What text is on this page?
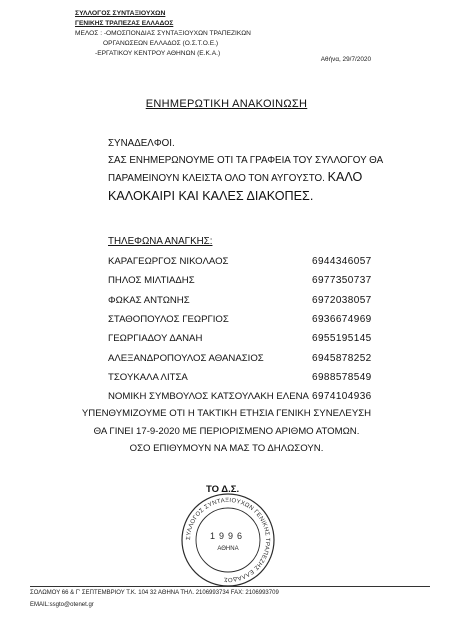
ΣΥΛΛΟΓΟΣ ΣΥΝΤΑΞΙΟΥΧΩΝ
ΓΕΝΙΚΗΣ ΤΡΑΠΕΖΑΣ ΕΛΛΑΔΟΣ
ΜΕΛΟΣ : -ΟΜΟΣΠΟΝΔΙΑΣ ΣΥΝΤΑΞΙΟΥΧΩΝ ΤΡΑΠΕΖΙΚΩΝ
ΟΡΓΑΝΩΣΕΩΝ ΕΛΛΑΔΟΣ (Ο.Σ.Τ.Ο.Ε.)
-ΕΡΓΑΤΙΚΟΥ ΚΕΝΤΡΟΥ ΑΘΗΝΩΝ (Ε.Κ.Α.)
Αθήνα, 29/7/2020
ΕΝΗΜΕΡΩΤΙΚΗ ΑΝΑΚΟΙΝΩΣΗ

ΣΥΝΑΔΕΛΦΟΙ.

ΣΑΣ ΕΝΗΜΕΡΩΝΟΥΜΕ ΟΤΙ ΤΑ ΓΡΑΦΕΙΑ ΤΟΥ ΣΥΛΛΟΓΟΥ ΘΑ

ΠΑΡΑΜΕΙΝΟΥΝ ΚΛΕΙΣΤΑ ΟΛΟ ΤΟΝ ΑΥΓΟΥΣΤΟ. ΚΑΛΟ

ΚΑΛΟΚΑΙΡΙ ΚΑΙ ΚΑΛΕΣ ΔΙΑΚΟΠΕΣ.

ΤΗΛΕΦΩΝΑ ΑΝΑΓΚΗΣ:
ΚΑΡΑΓΕΩΡΓΟΣ ΝΙΚΟΛΑΟΣ	6944346057
ΠΗΛΟΣ ΜΙΛΤΙΑΔΗΣ	6977350737
ΦΩΚΑΣ ΑΝΤΩΝΗΣ	6972038057
ΣΤΑΘΟΠΟΥΛΟΣ ΓΕΩΡΓΙΟΣ	6936674969
ΓΕΩΡΓΙΑΔΟΥ ΔΑΝΑΗ	6955195145
ΑΛΕΞΑΝΔΡΟΠΟΥΛΟΣ ΑΘΑΝΑΣΙΟΣ	6945878252
ΤΣΟΥΚΑΛΑ ΛΙΤΣΑ	6988578549
ΝΟΜΙΚΗ ΣΥΜΒΟΥΛΟΣ ΚΑΤΣΟΥΛΑΚΗ ΕΛΕΝΑ 6974104936

ΥΠΕΝΘΥΜΙΖΟΥΜΕ ΟΤΙ Η ΤΑΚΤΙΚΗ ΕΤΗΣΙΑ ΓΕΝΙΚΗ ΣΥΝΕΛΕΥΣΗ

ΘΑ ΓΙΝΕΙ 17-9-2020 ΜΕ ΠΕΡΙΟΡΙΣΜΕΝΟ ΑΡΙΘΜΟ ΑΤΟΜΩΝ.

ΟΣΟ ΕΠΙΘΥΜΟΥΝ ΝΑ ΜΑΣ ΤΟ ΔΗΛΩΣΟΥΝ.

ΤΟ Δ.Σ.
ΣΥΛΛΟΓΟΣ ΣΥΝΤΑΞΙΟΥΧΩΝ ΓΕΝΙΚΗΣ ΤΡΑΠΕΖΗΣ ΕΛΛΑΔΟΣ
1996
ΑΘΗΝΑ

ΣΟΛΩΜΟΥ 66 & Γ' ΣΕΠΤΕΜΒΡΙΟΥ Τ.Κ. 104 32 ΑΘΗΝΑ ΤΗΛ. 2106993734 FAX: 2106993709

EMAIL:ssgto@otenet.gr
